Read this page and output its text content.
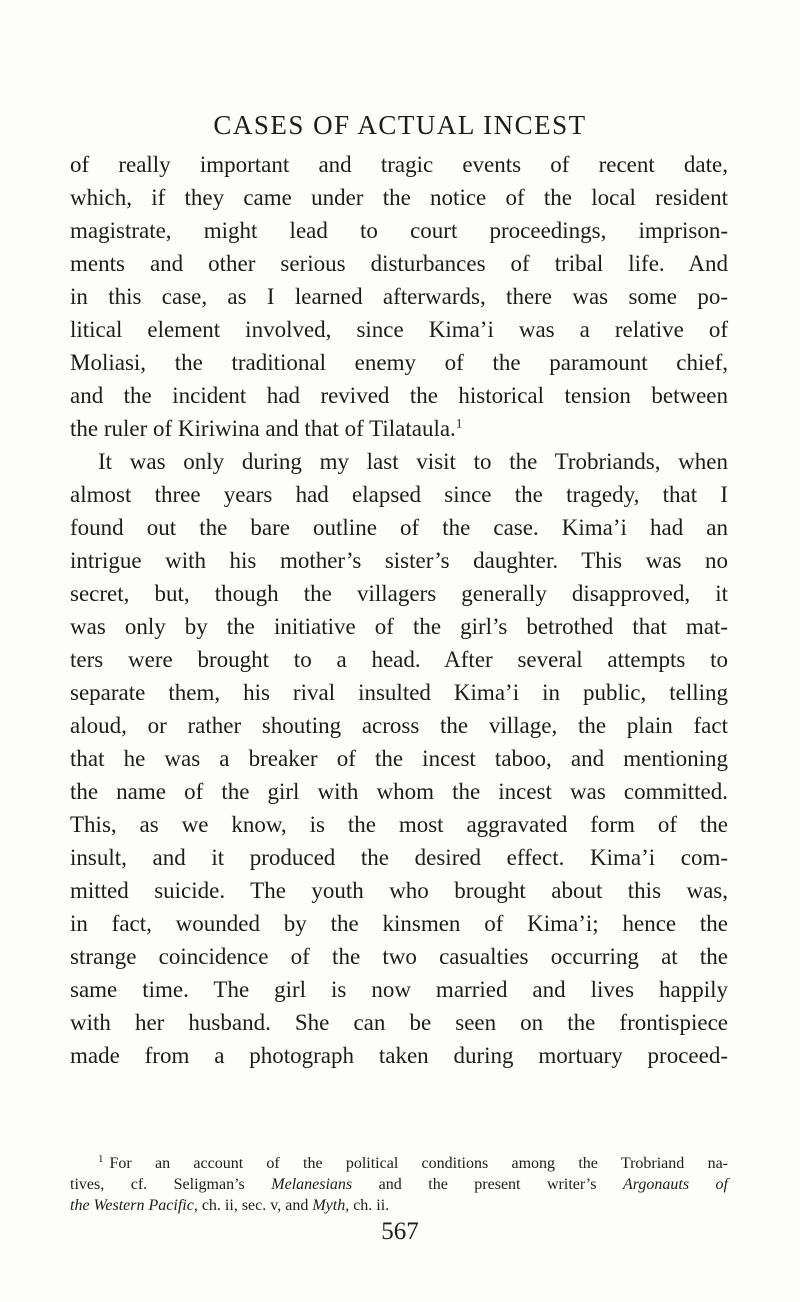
CASES OF ACTUAL INCEST
of really important and tragic events of recent date,
which, if they came under the notice of the local resident
magistrate, might lead to court proceedings, imprison-
ments and other serious disturbances of tribal life. And
in this case, as I learned afterwards, there was some po-
litical element involved, since Kima’i was a relative of
Moliasi, the traditional enemy of the paramount chief,
and the incident had revived the historical tension between
the ruler of Kiriwina and that of Tilataula.$^1$
It was only during my last visit to the Trobriands, when
almost three years had elapsed since the tragedy, that I
found out the bare outline of the case. Kima’i had an
intrigue with his mother’s sister’s daughter. This was no
secret, but, though the villagers generally disapproved, it
was only by the initiative of the girl’s betrothed that mat-
ters were brought to a head. After several attempts to
separate them, his rival insulted Kima’i in public, telling
aloud, or rather shouting across the village, the plain fact
that he was a breaker of the incest taboo, and mentioning
the name of the girl with whom the incest was committed.
This, as we know, is the most aggravated form of the
insult, and it produced the desired effect. Kima’i com-
mitted suicide. The youth who brought about this was,
in fact, wounded by the kinsmen of Kima’i; hence the
strange coincidence of the two casualties occurring at the
same time. The girl is now married and lives happily
with her husband. She can be seen on the frontispiece
made from a photograph taken during mortuary proceed-
$^1$ For an account of the political conditions among the Trobriand na-
tives, cf. Seligman’s Melanesians and the present writer’s Argonauts of
the Western Pacific, ch. ii, sec. v, and Myth, ch. ii.
567
